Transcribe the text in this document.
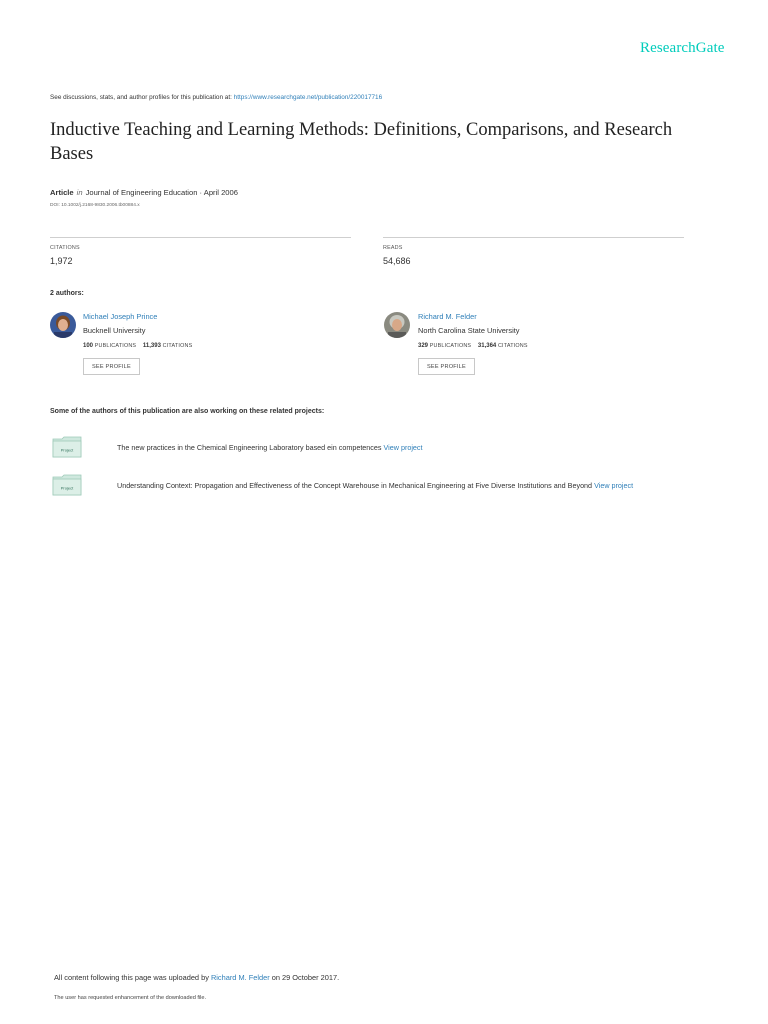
ResearchGate
See discussions, stats, and author profiles for this publication at: https://www.researchgate.net/publication/220017716
Inductive Teaching and Learning Methods: Definitions, Comparisons, and Research Bases
Article in Journal of Engineering Education · April 2006
DOI: 10.1002/j.2168-9830.2006.tb00884.x
CITATIONS
1,972
READS
54,686
2 authors:
Michael Joseph Prince
Bucknell University
100 PUBLICATIONS 11,393 CITATIONS
SEE PROFILE
Richard M. Felder
North Carolina State University
329 PUBLICATIONS 31,364 CITATIONS
SEE PROFILE
Some of the authors of this publication are also working on these related projects:
Project	The new practices in the Chemical Engineering Laboratory based ein competences View project
Project	Understanding Context: Propagation and Effectiveness of the Concept Warehouse in Mechanical Engineering at Five Diverse Institutions and Beyond View project
All content following this page was uploaded by Richard M. Felder on 29 October 2017.
The user has requested enhancement of the downloaded file.
